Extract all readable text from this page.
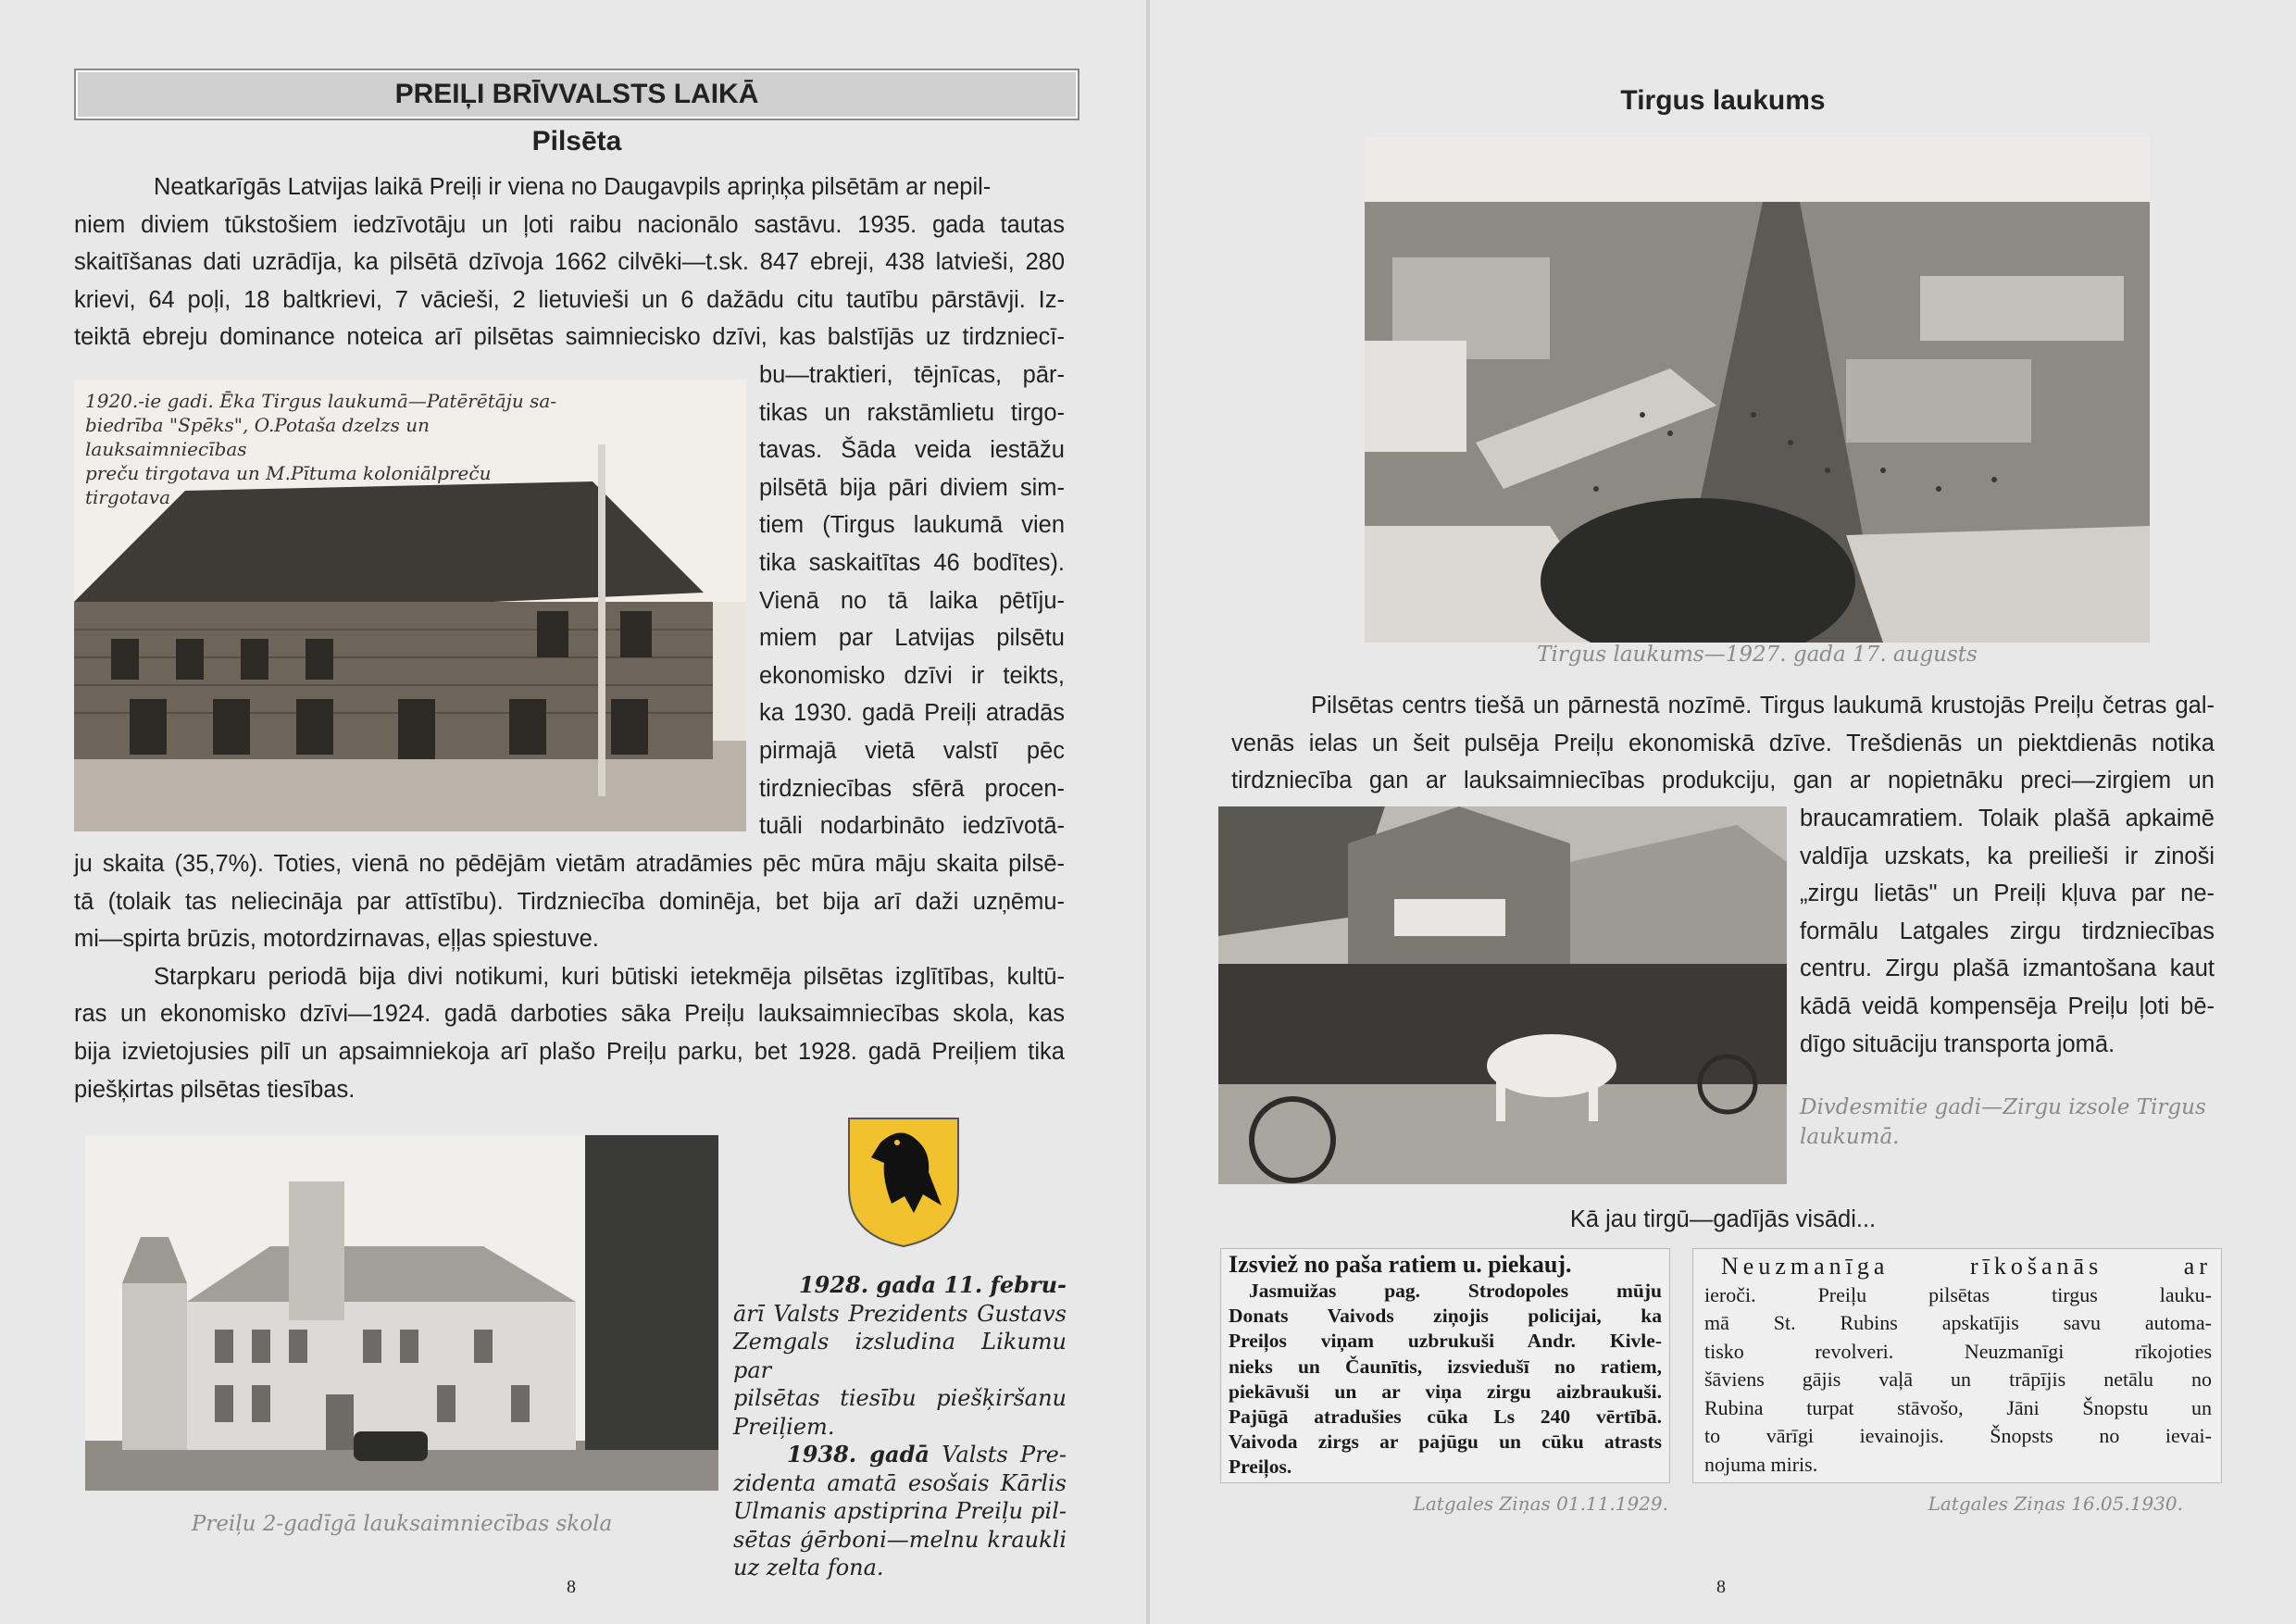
PREIĻI BRĪVVALSTS LAIKĀ
Pilsēta

Neatkarīgās Latvijas laikā Preiļi ir viena no Daugavpils apriņķa pilsētām ar nepil-

niem diviem tūkstošiem iedzīvotāju un ļoti raibu nacionālo sastāvu. 1935. gada tautas

skaitīšanas dati uzrādīja, ka pilsētā dzīvoja 1662 cilvēki—t.sk. 847 ebreji, 438 latvieši, 280

krievi, 64 poļi, 18 baltkrievi, 7 vācieši, 2 lietuvieši un 6 dažādu citu tautību pārstāvji. Iz-

teiktā ebreju dominance noteica arī pilsētas saimniecisko dzīvi, kas balstījās uz tirdzniecī-

1920.-ie gadi. Ēka Tirgus laukumā—Patērētāju sa-
biedrība "Spēks", O.Potaša dzelzs un lauksaimniecības
preču tirgotava un M.Pītuma koloniālpreču tirgotava

bu—traktieri, tējnīcas, pār-

tikas un rakstāmlietu tirgo-

tavas. Šāda veida iestāžu

pilsētā bija pāri diviem sim-

tiem (Tirgus laukumā vien

tika saskaitītas 46 bodītes).

Vienā no tā laika pētīju-

miem par Latvijas pilsētu

ekonomisko dzīvi ir teikts,

ka 1930. gadā Preiļi atradās

pirmajā vietā valstī pēc

tirdzniecības sfērā procen-

tuāli nodarbināto iedzīvotā-

ju skaita (35,7%). Toties, vienā no pēdējām vietām atradāmies pēc mūra māju skaita pilsē-

tā (tolaik tas neliecināja par attīstību). Tirdzniecība dominēja, bet bija arī daži uzņēmu-

mi—spirta brūzis, motordzirnavas, eļļas spiestuve.

Starpkaru periodā bija divi notikumi, kuri būtiski ietekmēja pilsētas izglītības, kultū-

ras un ekonomisko dzīvi—1924. gadā darboties sāka Preiļu lauksaimniecības skola, kas

bija izvietojusies pilī un apsaimniekoja arī plašo Preiļu parku, bet 1928. gadā Preiļiem tika

piešķirtas pilsētas tiesības.

Preiļu 2-gadīgā lauksaimniecības skola
1928. gada 11. febru-
ārī Valsts Prezidents Gustavs
Zemgals izsludina Likumu par
pilsētas tiesību piešķiršanu
Preiļiem.
1938. gadā Valsts Pre-
zidenta amatā esošais Kārlis
Ulmanis apstiprina Preiļu pil-
sētas ģērboni—melnu kraukli
uz zelta fona.
8
Tirgus laukums
Tirgus laukums—1927. gada 17. augusts

Pilsētas centrs tiešā un pārnestā nozīmē. Tirgus laukumā krustojās Preiļu četras gal-

venās ielas un šeit pulsēja Preiļu ekonomiskā dzīve. Trešdienās un piektdienās notika

tirdzniecība gan ar lauksaimniecības produkciju, gan ar nopietnāku preci—zirgiem un

braucamratiem. Tolaik plašā apkaimē

valdīja uzskats, ka preilieši ir zinoši

„zirgu lietās" un Preiļi kļuva par ne-

formālu Latgales zirgu tirdzniecības

centru. Zirgu plašā izmantošana kaut

kādā veidā kompensēja Preiļu ļoti bē-

dīgo situāciju transporta jomā.

Divdesmitie gadi—Zirgu izsole Tirgus
laukumā.
Kā jau tirgū—gadījās visādi...
Izsviež no paša ratiem u. piekauj.
Jasmuižas pag. Strodopoles mūju
Donats Vaivods ziņojis policijai, ka
Preiļos viņam uzbrukuši Andr. Kivle-
nieks un Čaunītis, izsviedušī no ratiem,
piekāvuši un ar viņa zirgu aizbraukuši.
Pajūgā atradušies cūka Ls 240 vērtībā.
Vaivoda zirgs ar pajūgu un cūku atrasts
Preiļos.
Latgales Ziņas 01.11.1929.
Neuzmanīga rīkošanās ar
ieroči. Preiļu pilsētas tirgus lauku-
mā St. Rubins apskatījis savu automa-
tisko revolveri. Neuzmanīgi rīkojoties
šāviens gājis vaļā un trāpījis netālu no
Rubina turpat stāvošo, Jāni Šnopstu un
to vārīgi ievainojis. Šnopsts no ievai-
nojuma miris.
Latgales Ziņas 16.05.1930.
8
